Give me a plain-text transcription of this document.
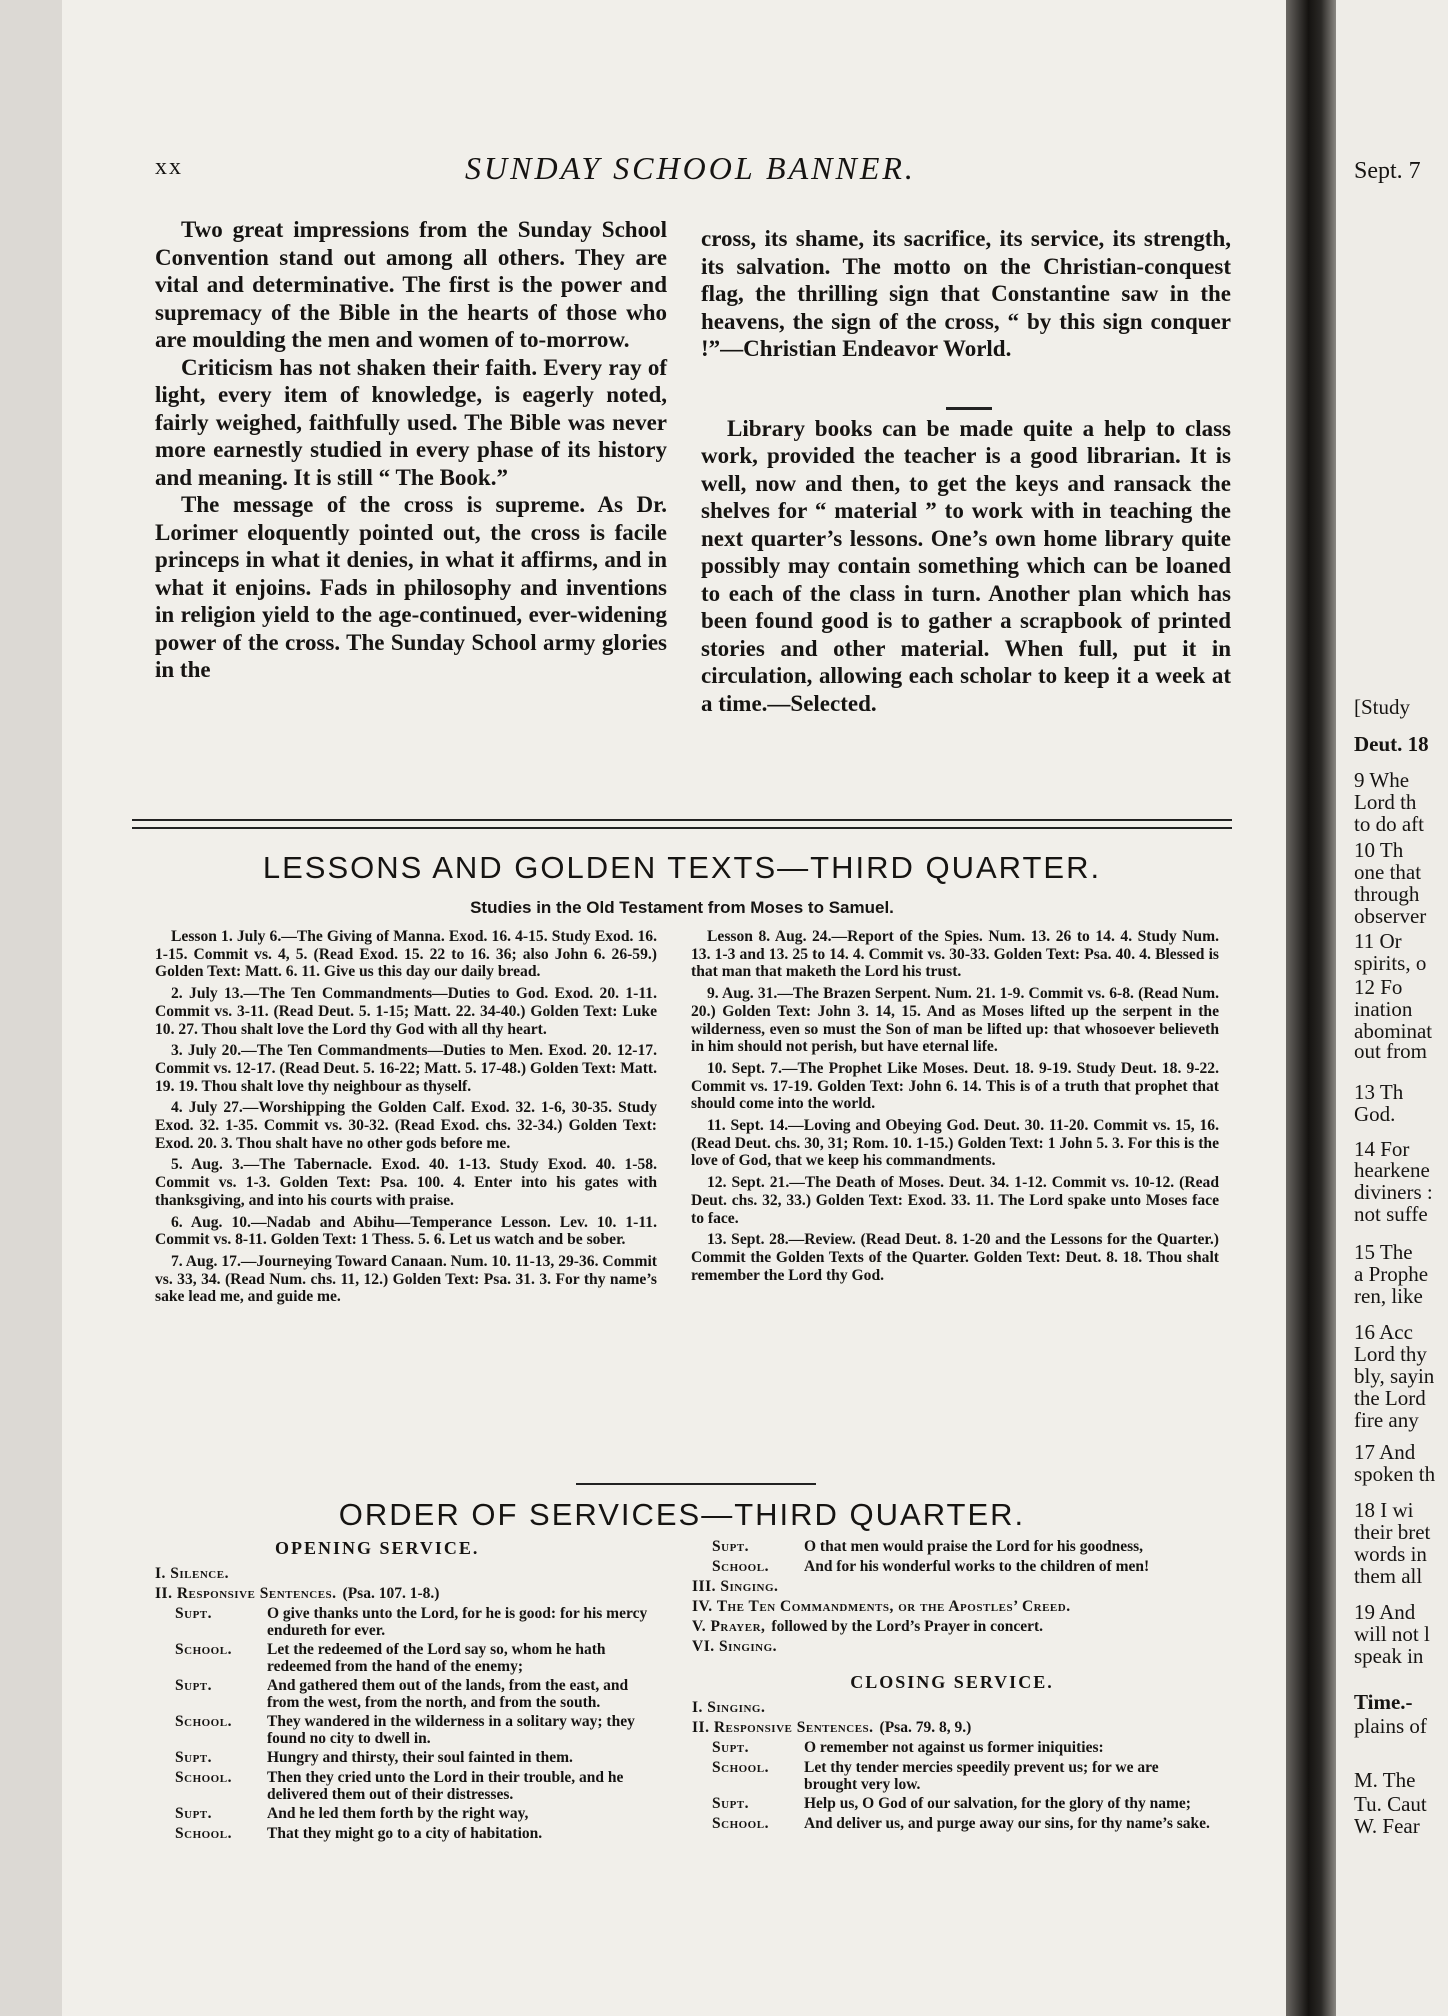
xx	SUNDAY SCHOOL BANNER.

Two great impressions from the Sunday School Convention stand out among all others. They are vital and determinative. The first is the power and supremacy of the Bible in the hearts of those who are moulding the men and women of to-morrow.

Criticism has not shaken their faith. Every ray of light, every item of knowledge, is eagerly noted, fairly weighed, faithfully used. The Bible was never more earnestly studied in every phase of its history and meaning. It is still “ The Book.”

The message of the cross is supreme. As Dr. Lorimer eloquently pointed out, the cross is facile princeps in what it denies, in what it affirms, and in what it enjoins. Fads in philosophy and inventions in religion yield to the age-continued, ever-widening power of the cross. The Sunday School army glories in the

cross, its shame, its sacrifice, its service, its strength, its salvation. The motto on the Christian-conquest flag, the thrilling sign that Constantine saw in the heavens, the sign of the cross, “ by this sign conquer !”—Christian Endeavor World.

Library books can be made quite a help to class work, provided the teacher is a good librarian. It is well, now and then, to get the keys and ransack the shelves for “ material ” to work with in teaching the next quarter’s lessons. One’s own home library quite possibly may contain something which can be loaned to each of the class in turn. Another plan which has been found good is to gather a scrapbook of printed stories and other material. When full, put it in circulation, allowing each scholar to keep it a week at a time.—Selected.

LESSONS AND GOLDEN TEXTS—THIRD QUARTER.
Studies in the Old Testament from Moses to Samuel.

Lesson 1. July 6.—The Giving of Manna. Exod. 16. 4-15. Study Exod. 16. 1-15. Commit vs. 4, 5. (Read Exod. 15. 22 to 16. 36; also John 6. 26-59.) Golden Text: Matt. 6. 11. Give us this day our daily bread.

2. July 13.—The Ten Commandments—Duties to God. Exod. 20. 1-11. Commit vs. 3-11. (Read Deut. 5. 1-15; Matt. 22. 34-40.) Golden Text: Luke 10. 27. Thou shalt love the Lord thy God with all thy heart.

3. July 20.—The Ten Commandments—Duties to Men. Exod. 20. 12-17. Commit vs. 12-17. (Read Deut. 5. 16-22; Matt. 5. 17-48.) Golden Text: Matt. 19. 19. Thou shalt love thy neighbour as thyself.

4. July 27.—Worshipping the Golden Calf. Exod. 32. 1-6, 30-35. Study Exod. 32. 1-35. Commit vs. 30-32. (Read Exod. chs. 32-34.) Golden Text: Exod. 20. 3. Thou shalt have no other gods before me.

5. Aug. 3.—The Tabernacle. Exod. 40. 1-13. Study Exod. 40. 1-58. Commit vs. 1-3. Golden Text: Psa. 100. 4. Enter into his gates with thanksgiving, and into his courts with praise.

6. Aug. 10.—Nadab and Abihu—Temperance Lesson. Lev. 10. 1-11. Commit vs. 8-11. Golden Text: 1 Thess. 5. 6. Let us watch and be sober.

7. Aug. 17.—Journeying Toward Canaan. Num. 10. 11-13, 29-36. Commit vs. 33, 34. (Read Num. chs. 11, 12.) Golden Text: Psa. 31. 3. For thy name’s sake lead me, and guide me.

Lesson 8. Aug. 24.—Report of the Spies. Num. 13. 26 to 14. 4. Study Num. 13. 1-3 and 13. 25 to 14. 4. Commit vs. 30-33. Golden Text: Psa. 40. 4. Blessed is that man that maketh the Lord his trust.

9. Aug. 31.—The Brazen Serpent. Num. 21. 1-9. Commit vs. 6-8. (Read Num. 20.) Golden Text: John 3. 14, 15. And as Moses lifted up the serpent in the wilderness, even so must the Son of man be lifted up: that whosoever believeth in him should not perish, but have eternal life.

10. Sept. 7.—The Prophet Like Moses. Deut. 18. 9-19. Study Deut. 18. 9-22. Commit vs. 17-19. Golden Text: John 6. 14. This is of a truth that prophet that should come into the world.

11. Sept. 14.—Loving and Obeying God. Deut. 30. 11-20. Commit vs. 15, 16. (Read Deut. chs. 30, 31; Rom. 10. 1-15.) Golden Text: 1 John 5. 3. For this is the love of God, that we keep his commandments.

12. Sept. 21.—The Death of Moses. Deut. 34. 1-12. Commit vs. 10-12. (Read Deut. chs. 32, 33.) Golden Text: Exod. 33. 11. The Lord spake unto Moses face to face.

13. Sept. 28.—Review. (Read Deut. 8. 1-20 and the Lessons for the Quarter.) Commit the Golden Texts of the Quarter. Golden Text: Deut. 8. 18. Thou shalt remember the Lord thy God.

ORDER OF SERVICES—THIRD QUARTER.
OPENING SERVICE.
I. Silence.
II. Responsive Sentences. (Psa. 107. 1-8.)
Supt.	O give thanks unto the Lord, for he is good: for his mercy endureth for ever.
School. Let the redeemed of the Lord say so, whom he hath redeemed from the hand of the enemy;
Supt.	And gathered them out of the lands, from the east, and from the west, from the north, and from the south.
School. They wandered in the wilderness in a solitary way; they found no city to dwell in.
Supt.	Hungry and thirsty, their soul fainted in them.
School. Then they cried unto the Lord in their trouble, and he delivered them out of their distresses.
Supt.	And he led them forth by the right way,
School. That they might go to a city of habitation.
Supt.	O that men would praise the Lord for his goodness,
School. And for his wonderful works to the children of men!
III. Singing.
IV. The Ten Commandments, or the Apostles’ Creed.
V. Prayer, followed by the Lord’s Prayer in concert.
VI. Singing.
CLOSING SERVICE.
I. Singing.
II. Responsive Sentences. (Psa. 79. 8, 9.)
Supt.	O remember not against us former iniquities:
School. Let thy tender mercies speedily prevent us; for we are brought very low.
Supt.	Help us, O God of our salvation, for the glory of thy name;
School. And deliver us, and purge away our sins, for thy name’s sake.
Sept. 7
[Study
Deut. 18
9 Whe
Lord th
to do aft
10 Th
one that
through
observer
11 Or
spirits, o
12 Fo
ination
abominat
out from
13 Th
God.
14 For
hearkene
diviners :
not suffe
15 The
a Prophe
ren, like
16 Acc
Lord thy
bly, sayin
the Lord
fire any
17 And
spoken th
18 I wi
their bret
words in
them all
19 And
will not l
speak in
Time.-
plains of
M. The
Tu. Caut
W. Fear
